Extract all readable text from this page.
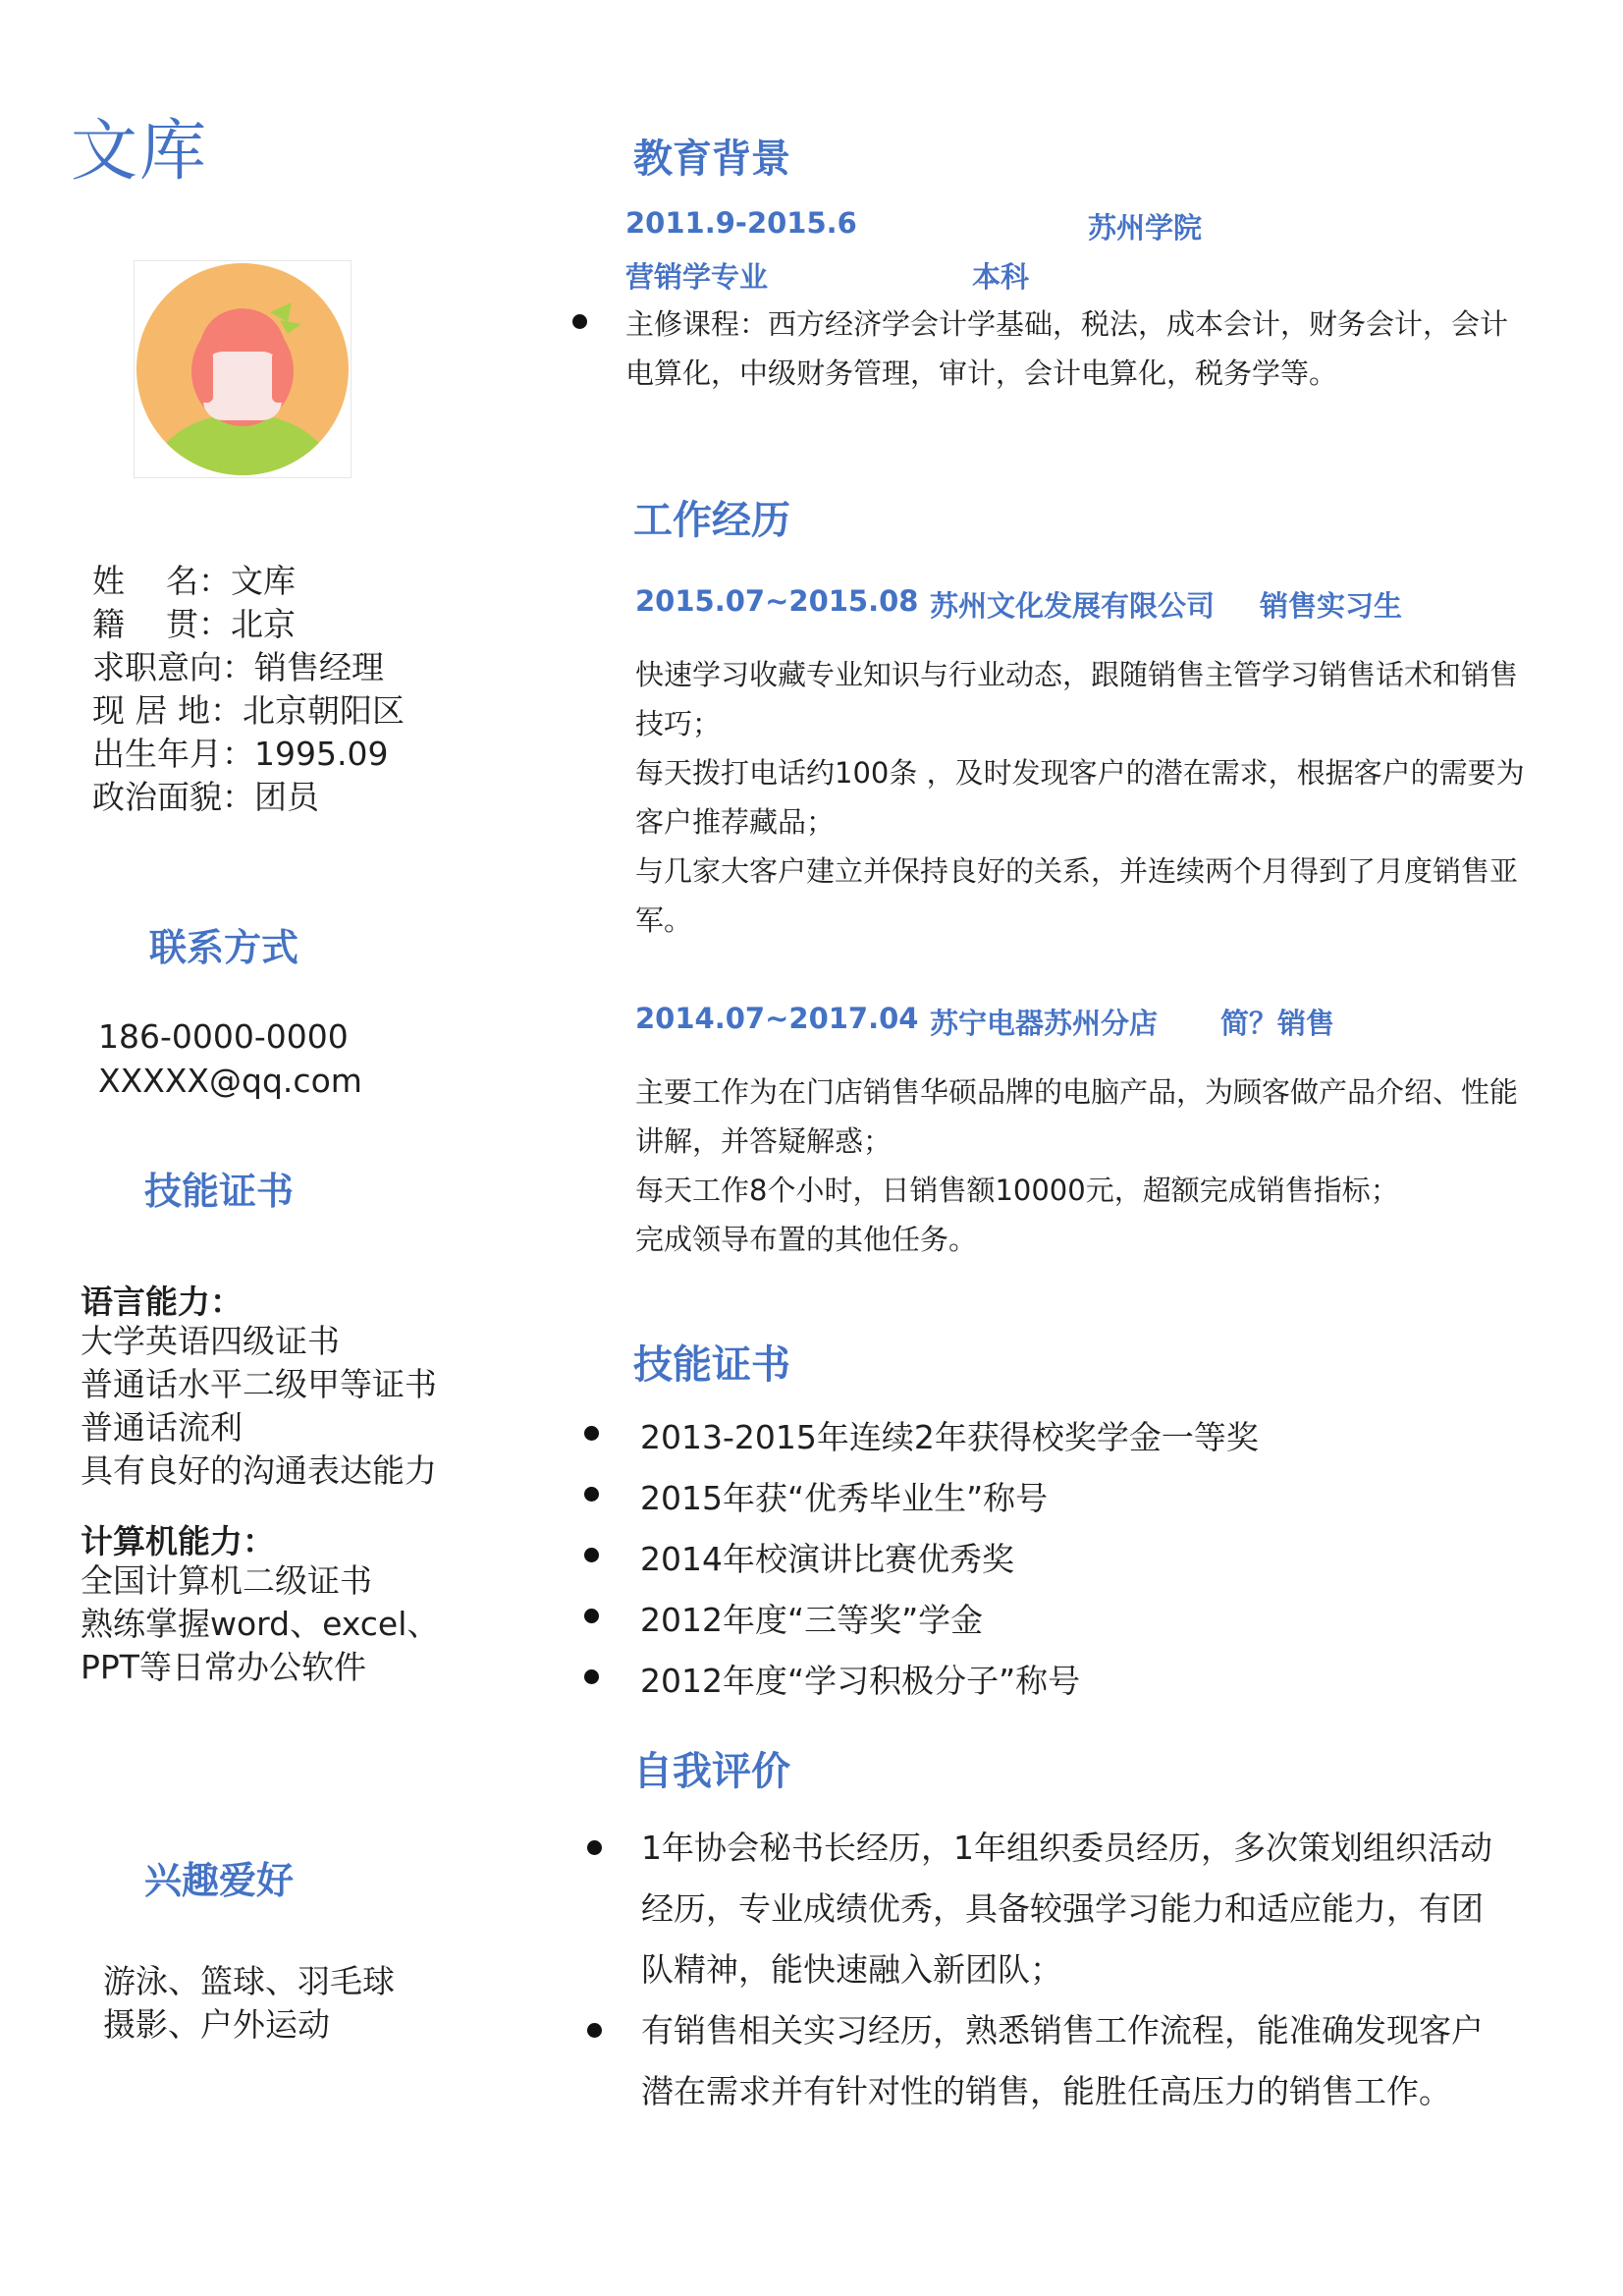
文库
姓    名：文库
籍    贯：北京
求职意向：销售经理
现 居 地：北京朝阳区
出生年月：1995.09
政治面貌：团员
联系方式
186-0000-0000
XXXXX@qq.com
技能证书
语言能力：
大学英语四级证书
普通话水平二级甲等证书
普通话流利
具有良好的沟通表达能力
计算机能力：
全国计算机二级证书
熟练掌握word、excel、
PPT等日常办公软件
兴趣爱好
游泳、篮球、羽毛球
摄影、户外运动
教育背景
2011.9-2015.6	苏州学院
营销学专业	本科
主修课程：西方经济学会计学基础，税法，成本会计，财务会计，会计
电算化，中级财务管理，审计，会计电算化，税务学等。
工作经历
2015.07~2015.08 苏州文化发展有限公司 销售实习生
快速学习收藏专业知识与行业动态，跟随销售主管学习销售话术和销售
技巧；
每天拨打电话约100条 ，及时发现客户的潜在需求，根据客户的需要为
客户推荐藏品；
与几家大客户建立并保持良好的关系，并连续两个月得到了月度销售亚
军。
2014.07~2017.04 苏宁电器苏州分店 简？销售
主要工作为在门店销售华硕品牌的电脑产品，为顾客做产品介绍、性能
讲解，并答疑解惑；
每天工作8个小时，日销售额10000元，超额完成销售指标；
完成领导布置的其他任务。
技能证书
2013-2015年连续2年获得校奖学金一等奖
2015年获“优秀毕业生”称号
2014年校演讲比赛优秀奖
2012年度“三等奖”学金
2012年度“学习积极分子”称号
自我评价
1年协会秘书长经历，1年组织委员经历，多次策划组织活动
经历，专业成绩优秀，具备较强学习能力和适应能力，有团
队精神，能快速融入新团队；
有销售相关实习经历，熟悉销售工作流程，能准确发现客户
潜在需求并有针对性的销售，能胜任高压力的销售工作。
